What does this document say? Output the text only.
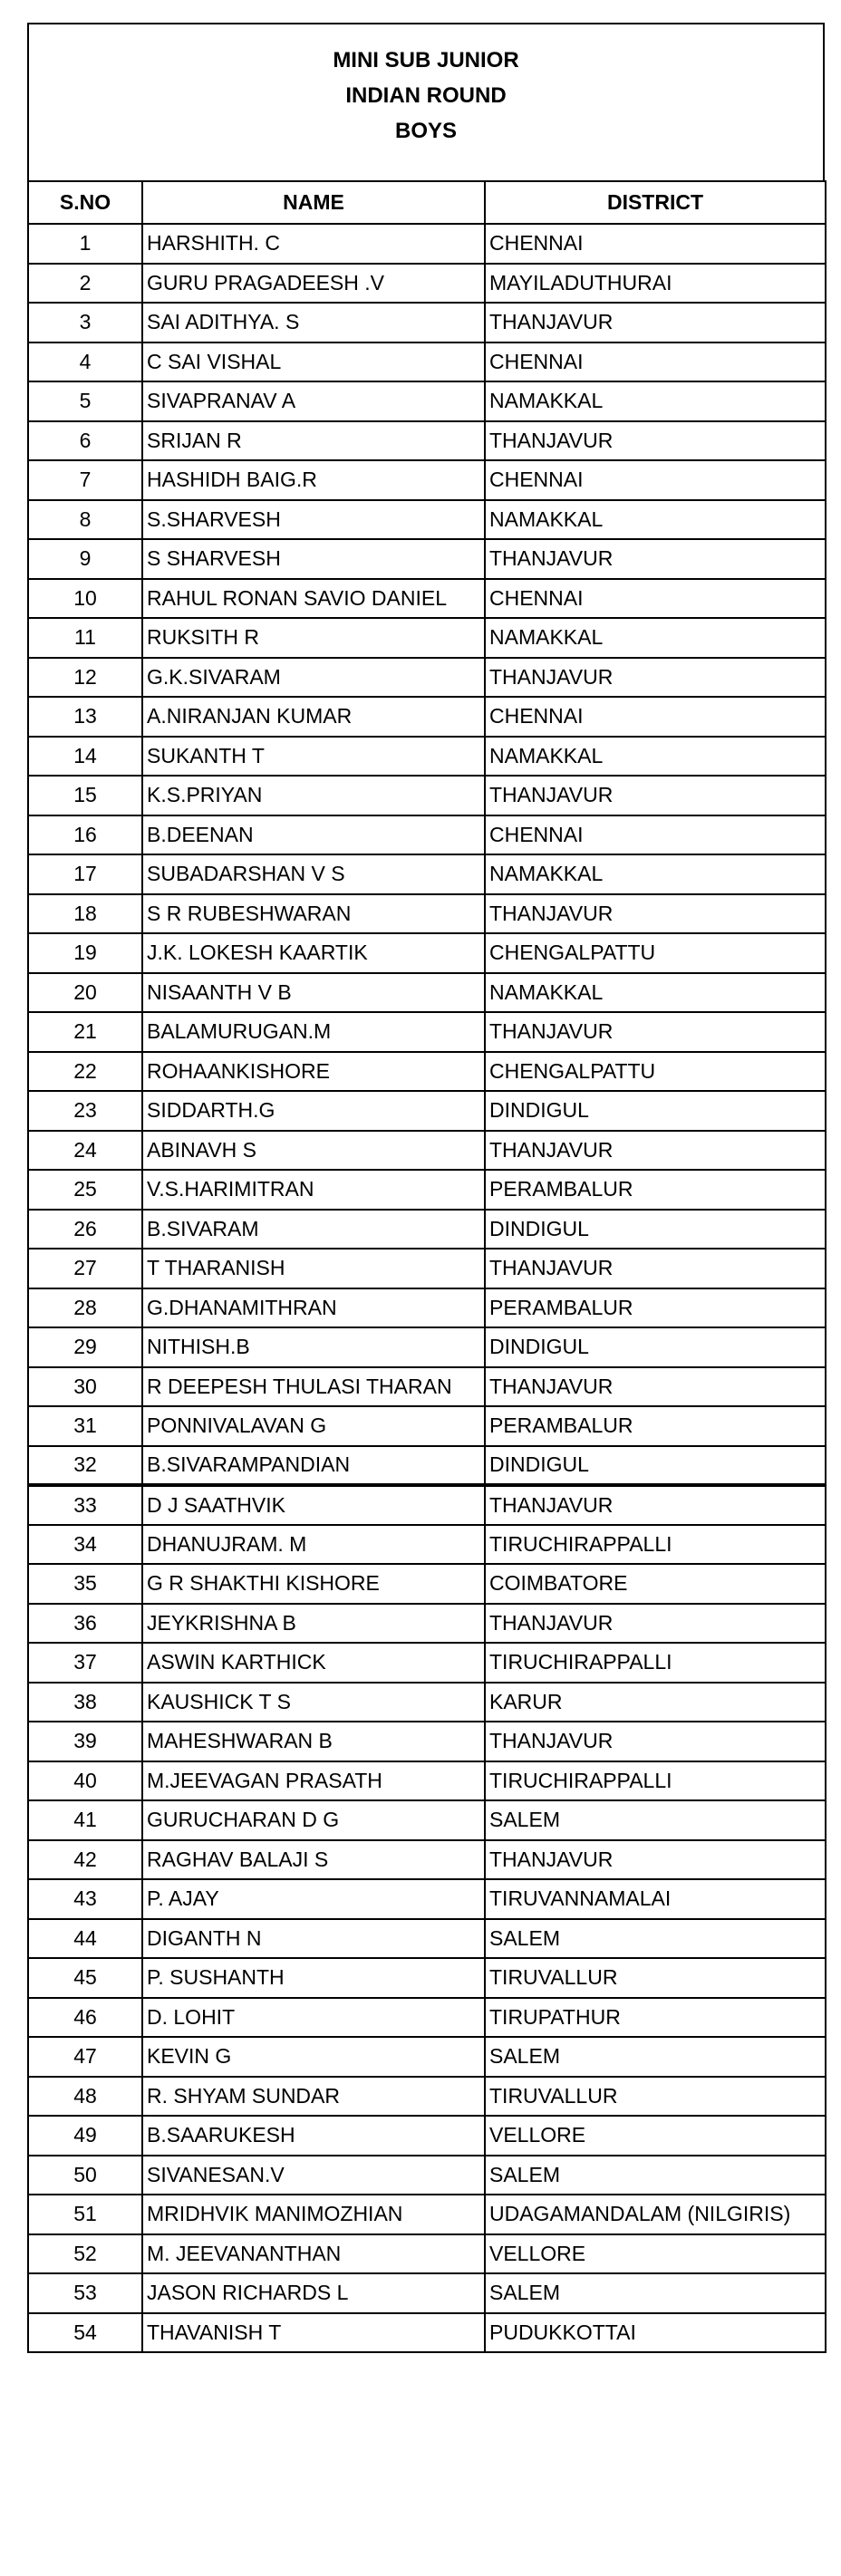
MINI SUB JUNIOR
INDIAN ROUND
BOYS
S.NO	NAME	DISTRICT
1	HARSHITH. C	CHENNAI
2	GURU PRAGADEESH .V	MAYILADUTHURAI
3	SAI ADITHYA. S	THANJAVUR
4	C SAI VISHAL	CHENNAI
5	SIVAPRANAV A	NAMAKKAL
6	SRIJAN R	THANJAVUR
7	HASHIDH BAIG.R	CHENNAI
8	S.SHARVESH	NAMAKKAL
9	S SHARVESH	THANJAVUR
10	RAHUL RONAN SAVIO DANIEL	CHENNAI
11	RUKSITH R	NAMAKKAL
12	G.K.SIVARAM	THANJAVUR
13	A.NIRANJAN KUMAR	CHENNAI
14	SUKANTH T	NAMAKKAL
15	K.S.PRIYAN	THANJAVUR
16	B.DEENAN	CHENNAI
17	SUBADARSHAN V S	NAMAKKAL
18	S R RUBESHWARAN	THANJAVUR
19	J.K. LOKESH KAARTIK	CHENGALPATTU
20	NISAANTH V B	NAMAKKAL
21	BALAMURUGAN.M	THANJAVUR
22	ROHAANKISHORE	CHENGALPATTU
23	SIDDARTH.G	DINDIGUL
24	ABINAVH S	THANJAVUR
25	V.S.HARIMITRAN	PERAMBALUR
26	B.SIVARAM	DINDIGUL
27	T THARANISH	THANJAVUR
28	G.DHANAMITHRAN	PERAMBALUR
29	NITHISH.B	DINDIGUL
30	R DEEPESH THULASI THARAN	THANJAVUR
31	PONNIVALAVAN G	PERAMBALUR
32	B.SIVARAMPANDIAN	DINDIGUL
33	D J SAATHVIK	THANJAVUR
34	DHANUJRAM. M	TIRUCHIRAPPALLI
35	G R SHAKTHI KISHORE	COIMBATORE
36	JEYKRISHNA B	THANJAVUR
37	ASWIN KARTHICK	TIRUCHIRAPPALLI
38	KAUSHICK T S	KARUR
39	MAHESHWARAN B	THANJAVUR
40	M.JEEVAGAN PRASATH	TIRUCHIRAPPALLI
41	GURUCHARAN D G	SALEM
42	RAGHAV BALAJI S	THANJAVUR
43	P. AJAY	TIRUVANNAMALAI
44	DIGANTH N	SALEM
45	P. SUSHANTH	TIRUVALLUR
46	D. LOHIT	TIRUPATHUR
47	KEVIN G	SALEM
48	R. SHYAM SUNDAR	TIRUVALLUR
49	B.SAARUKESH	VELLORE
50	SIVANESAN.V	SALEM
51	MRIDHVIK MANIMOZHIAN	UDAGAMANDALAM (NILGIRIS)
52	M. JEEVANANTHAN	VELLORE
53	JASON RICHARDS L	SALEM
54	THAVANISH T	PUDUKKOTTAI
